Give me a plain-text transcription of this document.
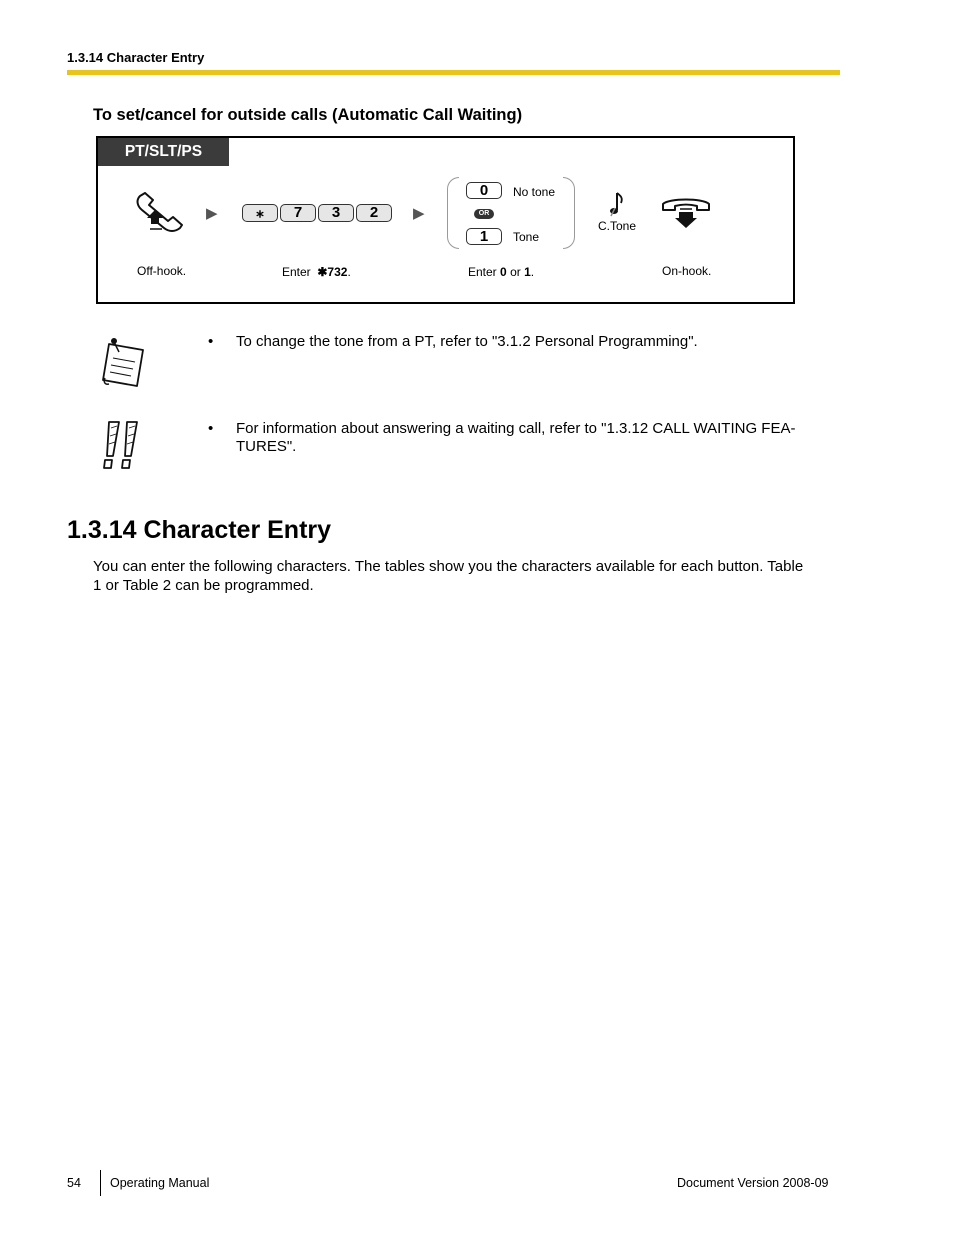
1.3.14 Character Entry
To set/cancel for outside calls (Automatic Call Waiting)
PT/SLT/PS
▶	⁎	7	3	2	▶
0	No tone
OR
1	Tone
C.Tone
Off-hook.	Enter ✱732.	Enter 0 or 1.	On-hook.
• To change the tone from a PT, refer to "3.1.2 Personal Programming".
• For information about answering a waiting call, refer to "1.3.12 CALL WAITING FEA-
TURES".
1.3.14 Character Entry
You can enter the following characters. The tables show you the characters available for each button. Table
1 or Table 2 can be programmed.
54 Operating Manual	Document Version 2008-09
